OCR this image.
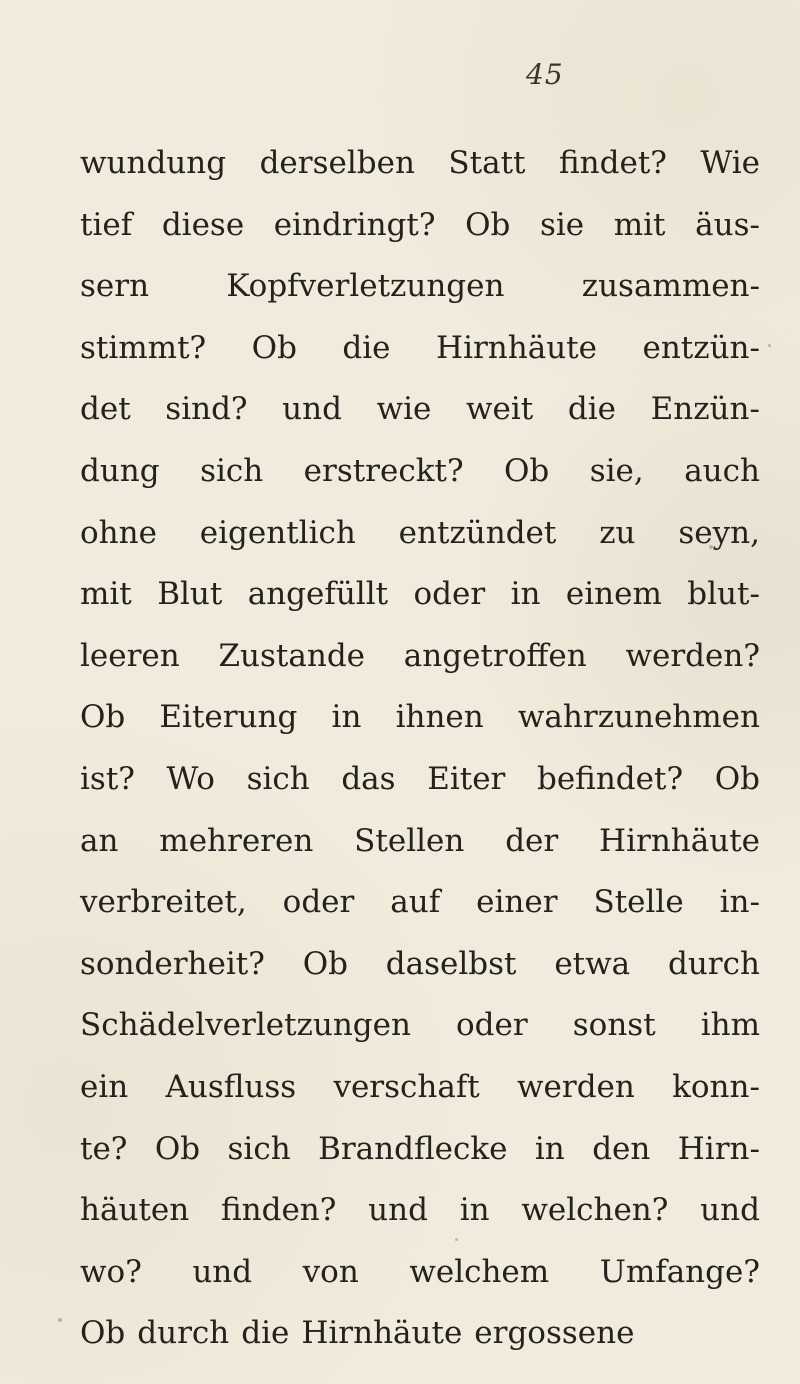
45
wundung derselben Statt findet? Wie
tief diese eindringt? Ob sie mit äus-
sern Kopfverletzungen zusammen-
stimmt? Ob die Hirnhäute entzün-
det sind? und wie weit die Enzün-
dung sich erstreckt? Ob sie, auch
ohne eigentlich entzündet zu seyn,
mit Blut angefüllt oder in einem blut-
leeren Zustande angetroffen werden?
Ob Eiterung in ihnen wahrzunehmen
ist? Wo sich das Eiter befindet? Ob
an mehreren Stellen der Hirnhäute
verbreitet, oder auf einer Stelle in-
sonderheit? Ob daselbst etwa durch
Schädelverletzungen oder sonst ihm
ein Ausfluss verschaft werden konn-
te? Ob sich Brandflecke in den Hirn-
häuten finden? und in welchen? und
wo? und von welchem Umfange?
Ob durch die Hirnhäute ergossene
